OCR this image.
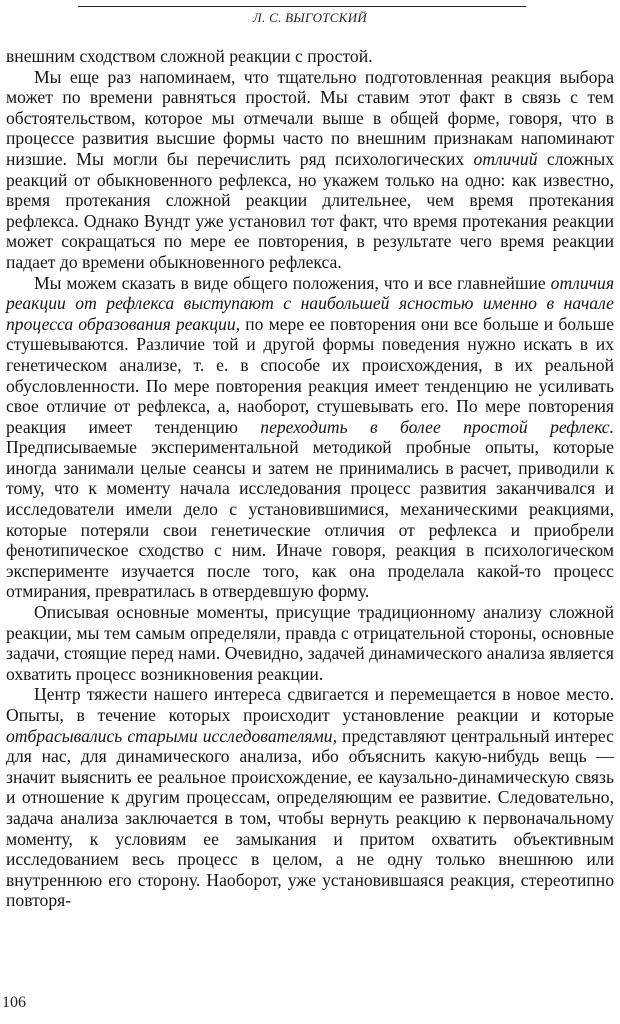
Л. С. ВЫГОТСКИЙ

внешним сходством сложной реакции с простой.

Мы еще раз напоминаем, что тщательно подготовленная реакция выбора может по времени равняться простой. Мы ставим этот факт в связь с тем обстоятельством, которое мы отмечали выше в общей форме, говоря, что в процессе развития высшие формы часто по внешним признакам напоминают низшие. Мы могли бы перечислить ряд психологических отличий сложных реакций от обыкновенного рефлекса, но укажем только на одно: как известно, время протекания сложной реакции длительнее, чем время протекания рефлекса. Однако Вундт уже установил тот факт, что время протекания реакции может сокращаться по мере ее повторения, в результате чего время реакции падает до времени обыкновенного рефлекса.

Мы можем сказать в виде общего положения, что и все главнейшие отличия реакции от рефлекса выступают с наибольшей ясностью именно в начале процесса образования реакции, по мере ее повторения они все больше и больше стушевываются. Различие той и другой формы поведения нужно искать в их генетическом анализе, т. е. в способе их происхождения, в их реальной обусловленности. По мере повторения реакция имеет тенденцию не усиливать свое отличие от рефлекса, а, наоборот, стушевывать его. По мере повторения реакция имеет тенденцию переходить в более простой рефлекс. Предписываемые экспериментальной методикой пробные опыты, которые иногда занимали целые сеансы и затем не принимались в расчет, приводили к тому, что к моменту начала исследования процесс развития заканчивался и исследователи имели дело с установившимися, механическими реакциями, которые потеряли свои генетические отличия от рефлекса и приобрели фенотипическое сходство с ним. Иначе говоря, реакция в психологическом эксперименте изучается после того, как она проделала какой-то процесс отмирания, превратилась в отвердевшую форму.

Описывая основные моменты, присущие традиционному анализу сложной реакции, мы тем самым определяли, правда с отрицательной стороны, основные задачи, стоящие перед нами. Очевидно, задачей динамического анализа является охватить процесс возникновения реакции.

Центр тяжести нашего интереса сдвигается и перемещается в новое место. Опыты, в течение которых происходит установление реакции и которые отбрасывались старыми исследователями, представляют центральный интерес для нас, для динамического анализа, ибо объяснить какую-нибудь вещь — значит выяснить ее реальное происхождение, ее каузально-динамическую связь и отношение к другим процессам, определяющим ее развитие. Следовательно, задача анализа заключается в том, чтобы вернуть реакцию к первоначальному моменту, к условиям ее замыкания и притом охватить объективным исследованием весь процесс в целом, а не одну только внешнюю или внутреннюю его сторону. Наоборот, уже установившаяся реакция, стереотипно повторя-

106
